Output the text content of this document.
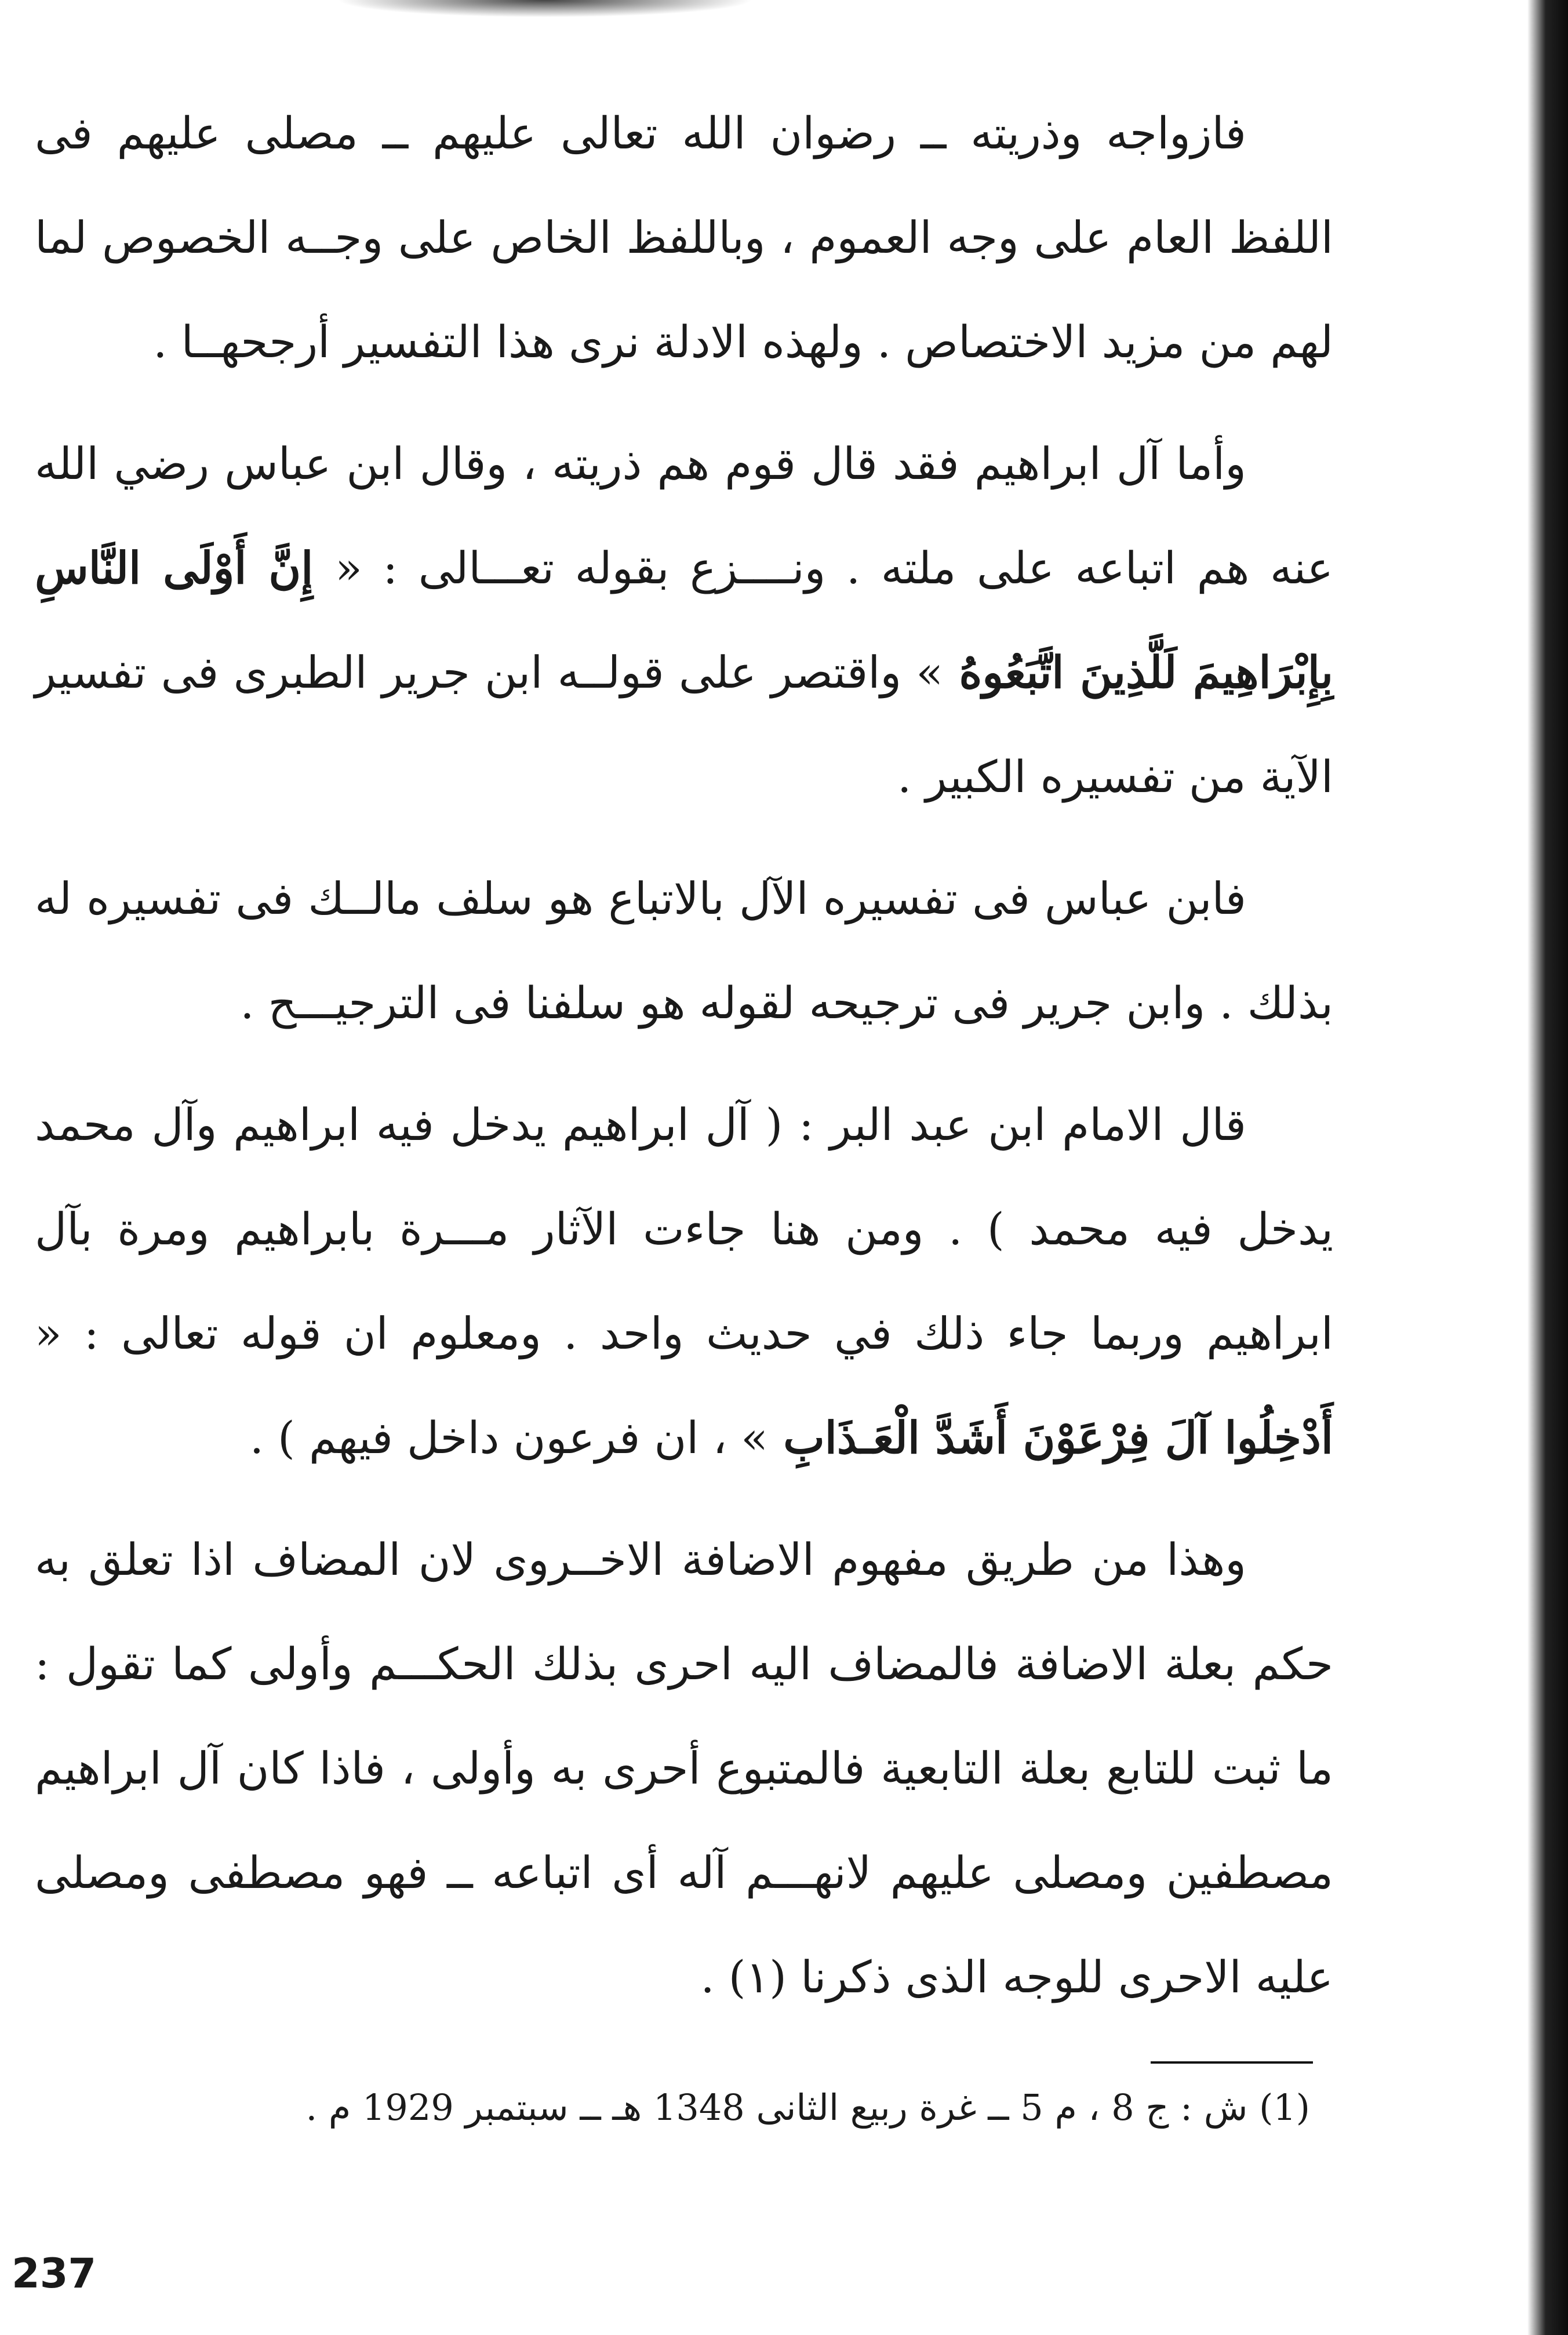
فازواجه وذريته ــ رضوان الله تعالى عليهم ــ مصلى عليهم فى اللفظ العام على وجه العموم ، وباللفظ الخاص على وجــه الخصوص لما لهم من مزيد الاختصاص . ولهذه الادلة نرى هذا التفسير أرجحهــا .

وأما آل ابراهيم فقد قال قوم هم ذريته ، وقال ابن عباس رضي الله عنه هم اتباعه على ملته . ونــــزع بقوله تعـــالى : « إِنَّ أَوْلَى النَّاسِ بِإِبْرَاهِيمَ لَلَّذِينَ اتَّبَعُوهُ » واقتصر على قولــه ابن جرير الطبرى فى تفسير الآية من تفسيره الكبير .

فابن عباس فى تفسيره الآل بالاتباع هو سلف مالــك فى تفسيره له بذلك . وابن جرير فى ترجيحه لقوله هو سلفنا فى الترجيـــح .

قال الامام ابن عبد البر : ( آل ابراهيم يدخل فيه ابراهيم وآل محمد يدخل فيه محمد ) . ومن هنا جاءت الآثار مـــرة بابراهيم ومرة بآل ابراهيم وربما جاء ذلك في حديث واحد . ومعلوم ان قوله تعالى : « أَدْخِلُوا آلَ فِرْعَوْنَ أَشَدَّ الْعَـذَابِ » ، ان فرعون داخل فيهم ) .

وهذا من طريق مفهوم الاضافة الاخــروى لان المضاف اذا تعلق به حكم بعلة الاضافة فالمضاف اليه احرى بذلك الحكـــم وأولى كما تقول : ما ثبت للتابع بعلة التابعية فالمتبوع أحرى به وأولى ، فاذا كان آل ابراهيم مصطفين ومصلى عليهم لانهـــم آله أى اتباعه ــ فهو مصطفى ومصلى عليه الاحرى للوجه الذى ذكرنا (١) .

(1) ش : ج 8 ، م 5 ــ غرة ربيع الثانى 1348 هـ ــ سبتمبر 1929 م .
237
